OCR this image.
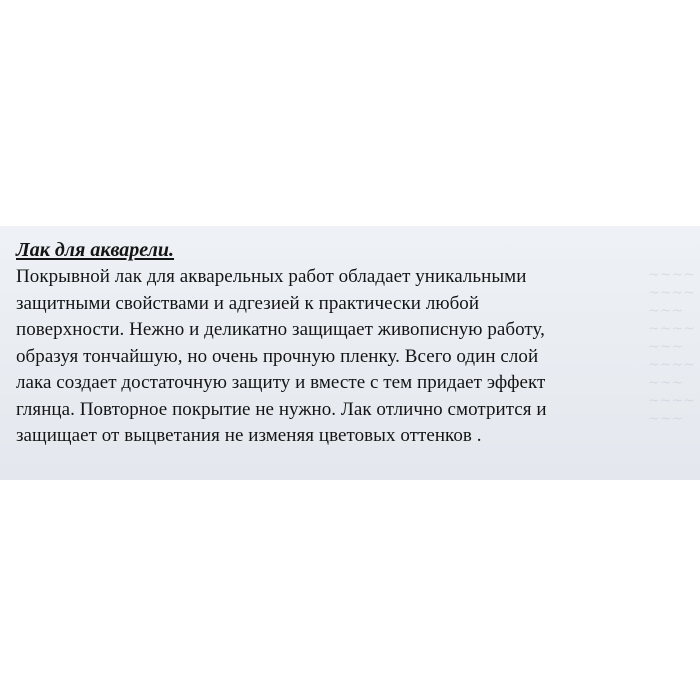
~~~~
~~~~
~~~
~~~~
~~~
~~~~
~~~
~~~~
~~~
Лак для акварели.
Покрывной лак для акварельных работ обладает уникальными
защитными свойствами и адгезией к практически любой
поверхности. Нежно и деликатно защищает живописную работу,
образуя тончайшую, но очень прочную пленку. Всего один слой
лака создает достаточную защиту и вместе с тем придает эффект
глянца. Повторное покрытие не нужно. Лак отлично смотрится и
защищает от выцветания не изменяя цветовых оттенков .
